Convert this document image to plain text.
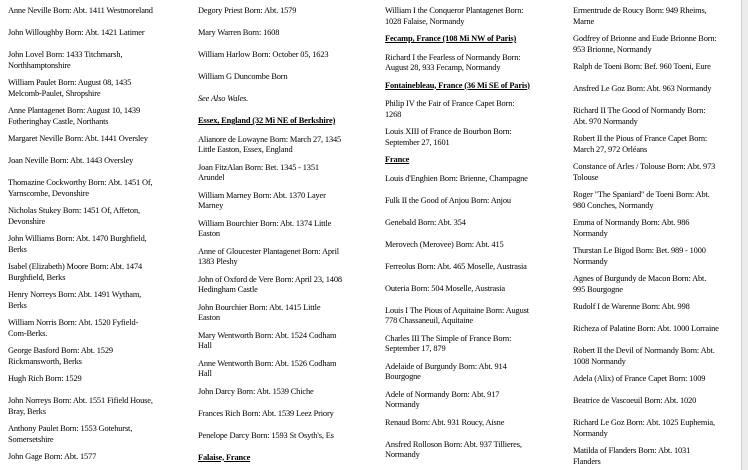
Anne Neville Born: Abt. 1411 Westmoreland
John Willoughby Born: Abt. 1421 Latimer
John Lovel Born: 1433 Titchmarsh,
Northhamptonshire
William Paulet Born: August 08, 1435
Melcomb-Paulet, Shropshire
Anne Plantagenet Born: August 10, 1439
Fotheringhay Castle, Northants
Margaret Neville Born: Abt. 1441 Oversley
Joan Neville Born: Abt. 1443 Oversley
Thomazine Cockworthy Born: Abt. 1451 Of,
Yarnscombe, Devonshire
Nicholas Stukey Born: 1451 Of, Affeton,
Devonshire
John Williams Born: Abt. 1470 Burghfield,
Berks
Isabel (Elizabeth) Moore Born: Abt. 1474
Burghfield, Berks
Henry Norreys Born: Abt. 1491 Wytham,
Berks
William Norris Born: Abt. 1520 Fyfield-
Com-Berks.
George Basford Born: Abt. 1529
Rickmansworth, Berks
Hugh Rich Born: 1529
John Norreys Born: Abt. 1551 Fifield House,
Bray, Berks
Anthony Paulet Born: 1553 Gotehurst,
Somersetshire
John Gage Born: Abt. 1577
Degory Priest Born: Abt. 1579
Mary Warren Born: 1608
William Harlow Born: October 05, 1623
William G Duncombe Born
See Also Wales.
Essex, England (32 Mi NE of Berkshire)
Alianore de Lowayne Born: March 27, 1345
Little Easton, Essex, England
Joan FitzAlan Born: Bet. 1345 - 1351
Arundel
William Marney Born: Abt. 1370 Layer
Marney
William Bourchier Born: Abt. 1374 Little
Easton
Anne of Gloucester Plantagenet Born: April
1383 Pleshy
John of Oxford de Vere Born: April 23, 1408
Hedingham Castle
John Bourchier Born: Abt. 1415 Little
Easton
Mary Wentworth Born: Abt. 1524 Codham
Hall
Anne Wentworth Born: Abt. 1526 Codham
Hall
John Darcy Born: Abt. 1539 Chiche
Frances Rich Born: Abt. 1539 Leez Priory
Penelope Darcy Born: 1593 St Osyth's, Es
Falaise, France
William I the Conqueror Plantagenet Born:
1028 Falaise, Normandy
Fecamp, France (108 Mi NW of Paris)
Richard I the Fearless of Normandy Born:
August 28, 933 Fecamp, Normandy
Fontainebleau, France (36 Mi SE of Paris)
Philip IV the Fair of France Capet Born:
1268
Louis XIII of France de Bourbon Born:
September 27, 1601
France
Louis d'Enghien Born: Brienne, Champagne
Fulk II the Good of Anjou Born: Anjou
Genebald Born: Abt. 354
Merovech (Merovee) Born: Abt. 415
Ferreolus Born: Abt. 465 Moselle, Austrasia
Outeria Born: 504 Moselle, Austrasia
Louis I The Pious of Aquitaine Born: August
778 Chassaneuil, Aquitaine
Charles III The Simple of France Born:
September 17, 879
Adelaide of Burgundy Born: Abt. 914
Bourgogne
Adele of Normandy Born: Abt. 917
Normandy
Renaud Born: Abt. 931 Roucy, Aisne
Ansfred Rolloson Born: Abt. 937 Tillieres,
Normandy
Ermentrude de Roucy Born: 949 Rheims,
Marne
Godfrey of Brionne and Eude Brionne Born:
953 Brionne, Normandy
Ralph de Toeni Born: Bef. 960 Toeni, Eure
Ansfred Le Goz Born: Abt. 963 Normandy
Richard II The Good of Normandy Born:
Abt. 970 Normandy
Robert II the Pious of France Capet Born:
March 27, 972 Orléans
Constance of Arles / Tolouse Born: Abt. 973
Tolouse
Roger "The Spaniard" de Toeni Born: Abt.
980 Conches, Normandy
Emma of Normandy Born: Abt. 986
Normandy
Thurstan Le Bigod Born: Bet. 989 - 1000
Normandy
Agnes of Burgundy de Macon Born: Abt.
995 Bourgogne
Rudolf I de Warenne Born: Abt. 998
Richeza of Palatine Born: Abt. 1000 Lorraine
Robert II the Devil of Normandy Born: Abt.
1008 Normandy
Adela (Alix) of France Capet Born: 1009
Beatrice de Vascoeuil Born: Abt. 1020
Richard Le Goz Born: Abt. 1025 Euphemia,
Normandy
Matilda of Flanders Born: Abt. 1031
Flanders
